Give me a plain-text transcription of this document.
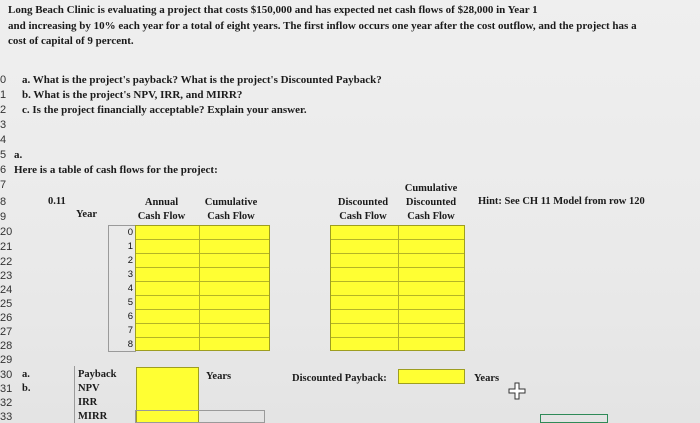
Long Beach Clinic is evaluating a project that costs $150,000 and has expected net cash flows of $28,000 in Year 1
and increasing by 10% each year for a total of eight years. The first inflow occurs one year after the cost outflow, and the project has a
cost of capital of 9 percent.
a. What is the project's payback? What is the project's Discounted Payback?
b. What is the project's NPV, IRR, and MIRR?
c. Is the project financially acceptable? Explain your answer.
0
1
2
3
4
5
6
7
8
9
20
21
22
23
24
25
26
27
28
29
30
31
32
33
a.
Here is a table of cash flows for the project:
0.11
Year
Annual
Cash Flow
Cumulative
Cash Flow
Discounted
Cash Flow
Cumulative
Discounted
Cash Flow
Hint: See CH 11 Model from row 120
0
1
2
3
4
5
6
7
8
a.
b.
Payback
NPV
IRR
MIRR
Years	Discounted Payback:	Years
